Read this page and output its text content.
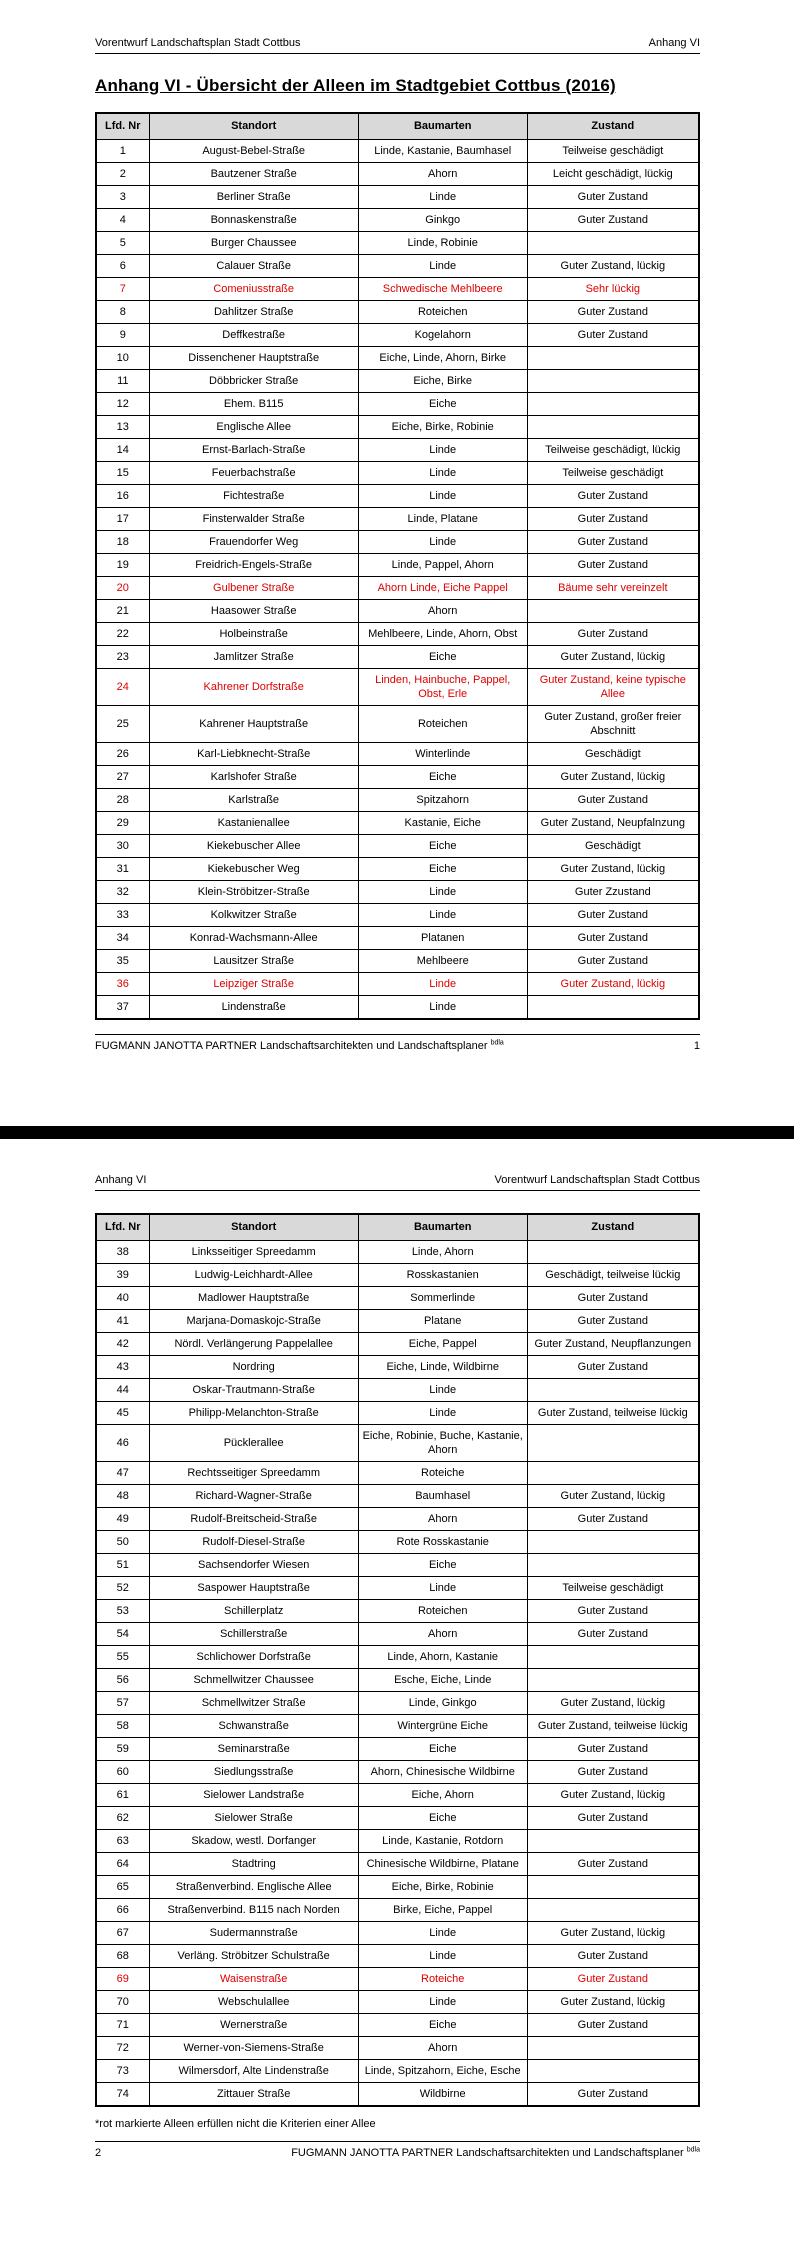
Vorentwurf Landschaftsplan Stadt Cottbus	Anhang VI
Anhang VI - Übersicht der Alleen im Stadtgebiet Cottbus (2016)
Lfd. Nr	Standort	Baumarten	Zustand
1	August-Bebel-Straße	Linde, Kastanie, Baumhasel	Teilweise geschädigt
2	Bautzener Straße	Ahorn	Leicht geschädigt, lückig
3	Berliner Straße	Linde	Guter Zustand
4	Bonnaskenstraße	Ginkgo	Guter Zustand
5	Burger Chaussee	Linde, Robinie	
6	Calauer Straße	Linde	Guter Zustand, lückig
7	Comeniusstraße	Schwedische Mehlbeere	Sehr lückig
8	Dahlitzer Straße	Roteichen	Guter Zustand
9	Deffkestraße	Kogelahorn	Guter Zustand
10	Dissenchener Hauptstraße	Eiche, Linde, Ahorn, Birke	
11	Döbbricker Straße	Eiche, Birke	
12	Ehem. B115	Eiche	
13	Englische Allee	Eiche, Birke, Robinie	
14	Ernst-Barlach-Straße	Linde	Teilweise geschädigt, lückig
15	Feuerbachstraße	Linde	Teilweise geschädigt
16	Fichtestraße	Linde	Guter Zustand
17	Finsterwalder Straße	Linde, Platane	Guter Zustand
18	Frauendorfer Weg	Linde	Guter Zustand
19	Freidrich-Engels-Straße	Linde, Pappel, Ahorn	Guter Zustand
20	Gulbener Straße	Ahorn Linde, Eiche Pappel	Bäume sehr vereinzelt
21	Haasower Straße	Ahorn	
22	Holbeinstraße	Mehlbeere, Linde, Ahorn, Obst	Guter Zustand
23	Jamlitzer Straße	Eiche	Guter Zustand, lückig
24	Kahrener Dorfstraße	Linden, Hainbuche, Pappel, Obst, Erle	Guter Zustand, keine typische Allee
25	Kahrener Hauptstraße	Roteichen	Guter Zustand, großer freier Abschnitt
26	Karl-Liebknecht-Straße	Winterlinde	Geschädigt
27	Karlshofer Straße	Eiche	Guter Zustand, lückig
28	Karlstraße	Spitzahorn	Guter Zustand
29	Kastanienallee	Kastanie, Eiche	Guter Zustand, Neupfalnzung
30	Kiekebuscher Allee	Eiche	Geschädigt
31	Kiekebuscher Weg	Eiche	Guter Zustand, lückig
32	Klein-Ströbitzer-Straße	Linde	Guter Zzustand
33	Kolkwitzer Straße	Linde	Guter Zustand
34	Konrad-Wachsmann-Allee	Platanen	Guter Zustand
35	Lausitzer Straße	Mehlbeere	Guter Zustand
36	Leipziger Straße	Linde	Guter Zustand, lückig
37	Lindenstraße	Linde	
FUGMANN JANOTTA PARTNER Landschaftsarchitekten und Landschaftsplaner $^{bdla}$	1
Anhang VI	Vorentwurf Landschaftsplan Stadt Cottbus
Lfd. Nr	Standort	Baumarten	Zustand
38	Linksseitiger Spreedamm	Linde, Ahorn	
39	Ludwig-Leichhardt-Allee	Rosskastanien	Geschädigt, teilweise lückig
40	Madlower Hauptstraße	Sommerlinde	Guter Zustand
41	Marjana-Domaskojc-Straße	Platane	Guter Zustand
42	Nördl. Verlängerung Pappelallee	Eiche, Pappel	Guter Zustand, Neupflanzungen
43	Nordring	Eiche, Linde, Wildbirne	Guter Zustand
44	Oskar-Trautmann-Straße	Linde	
45	Philipp-Melanchton-Straße	Linde	Guter Zustand, teilweise lückig
46	Pücklerallee	Eiche, Robinie, Buche, Kastanie, Ahorn	
47	Rechtsseitiger Spreedamm	Roteiche	
48	Richard-Wagner-Straße	Baumhasel	Guter Zustand, lückig
49	Rudolf-Breitscheid-Straße	Ahorn	Guter Zustand
50	Rudolf-Diesel-Straße	Rote Rosskastanie	
51	Sachsendorfer Wiesen	Eiche	
52	Saspower Hauptstraße	Linde	Teilweise geschädigt
53	Schillerplatz	Roteichen	Guter Zustand
54	Schillerstraße	Ahorn	Guter Zustand
55	Schlichower Dorfstraße	Linde, Ahorn, Kastanie	
56	Schmellwitzer Chaussee	Esche, Eiche, Linde	
57	Schmellwitzer Straße	Linde, Ginkgo	Guter Zustand, lückig
58	Schwanstraße	Wintergrüne Eiche	Guter Zustand, teilweise lückig
59	Seminarstraße	Eiche	Guter Zustand
60	Siedlungsstraße	Ahorn, Chinesische Wildbirne	Guter Zustand
61	Sielower Landstraße	Eiche, Ahorn	Guter Zustand, lückig
62	Sielower Straße	Eiche	Guter Zustand
63	Skadow, westl. Dorfanger	Linde, Kastanie, Rotdorn	
64	Stadtring	Chinesische Wildbirne, Platane	Guter Zustand
65	Straßenverbind. Englische Allee	Eiche, Birke, Robinie	
66	Straßenverbind. B115 nach Norden	Birke, Eiche, Pappel	
67	Sudermannstraße	Linde	Guter Zustand, lückig
68	Verläng. Ströbitzer Schulstraße	Linde	Guter Zustand
69	Waisenstraße	Roteiche	Guter Zustand
70	Webschulallee	Linde	Guter Zustand, lückig
71	Wernerstraße	Eiche	Guter Zustand
72	Werner-von-Siemens-Straße	Ahorn	
73	Wilmersdorf, Alte Lindenstraße	Linde, Spitzahorn, Eiche, Esche	
74	Zittauer Straße	Wildbirne	Guter Zustand
*rot markierte Alleen erfüllen nicht die Kriterien einer Allee
2	FUGMANN JANOTTA PARTNER Landschaftsarchitekten und Landschaftsplaner $^{bdla}$
